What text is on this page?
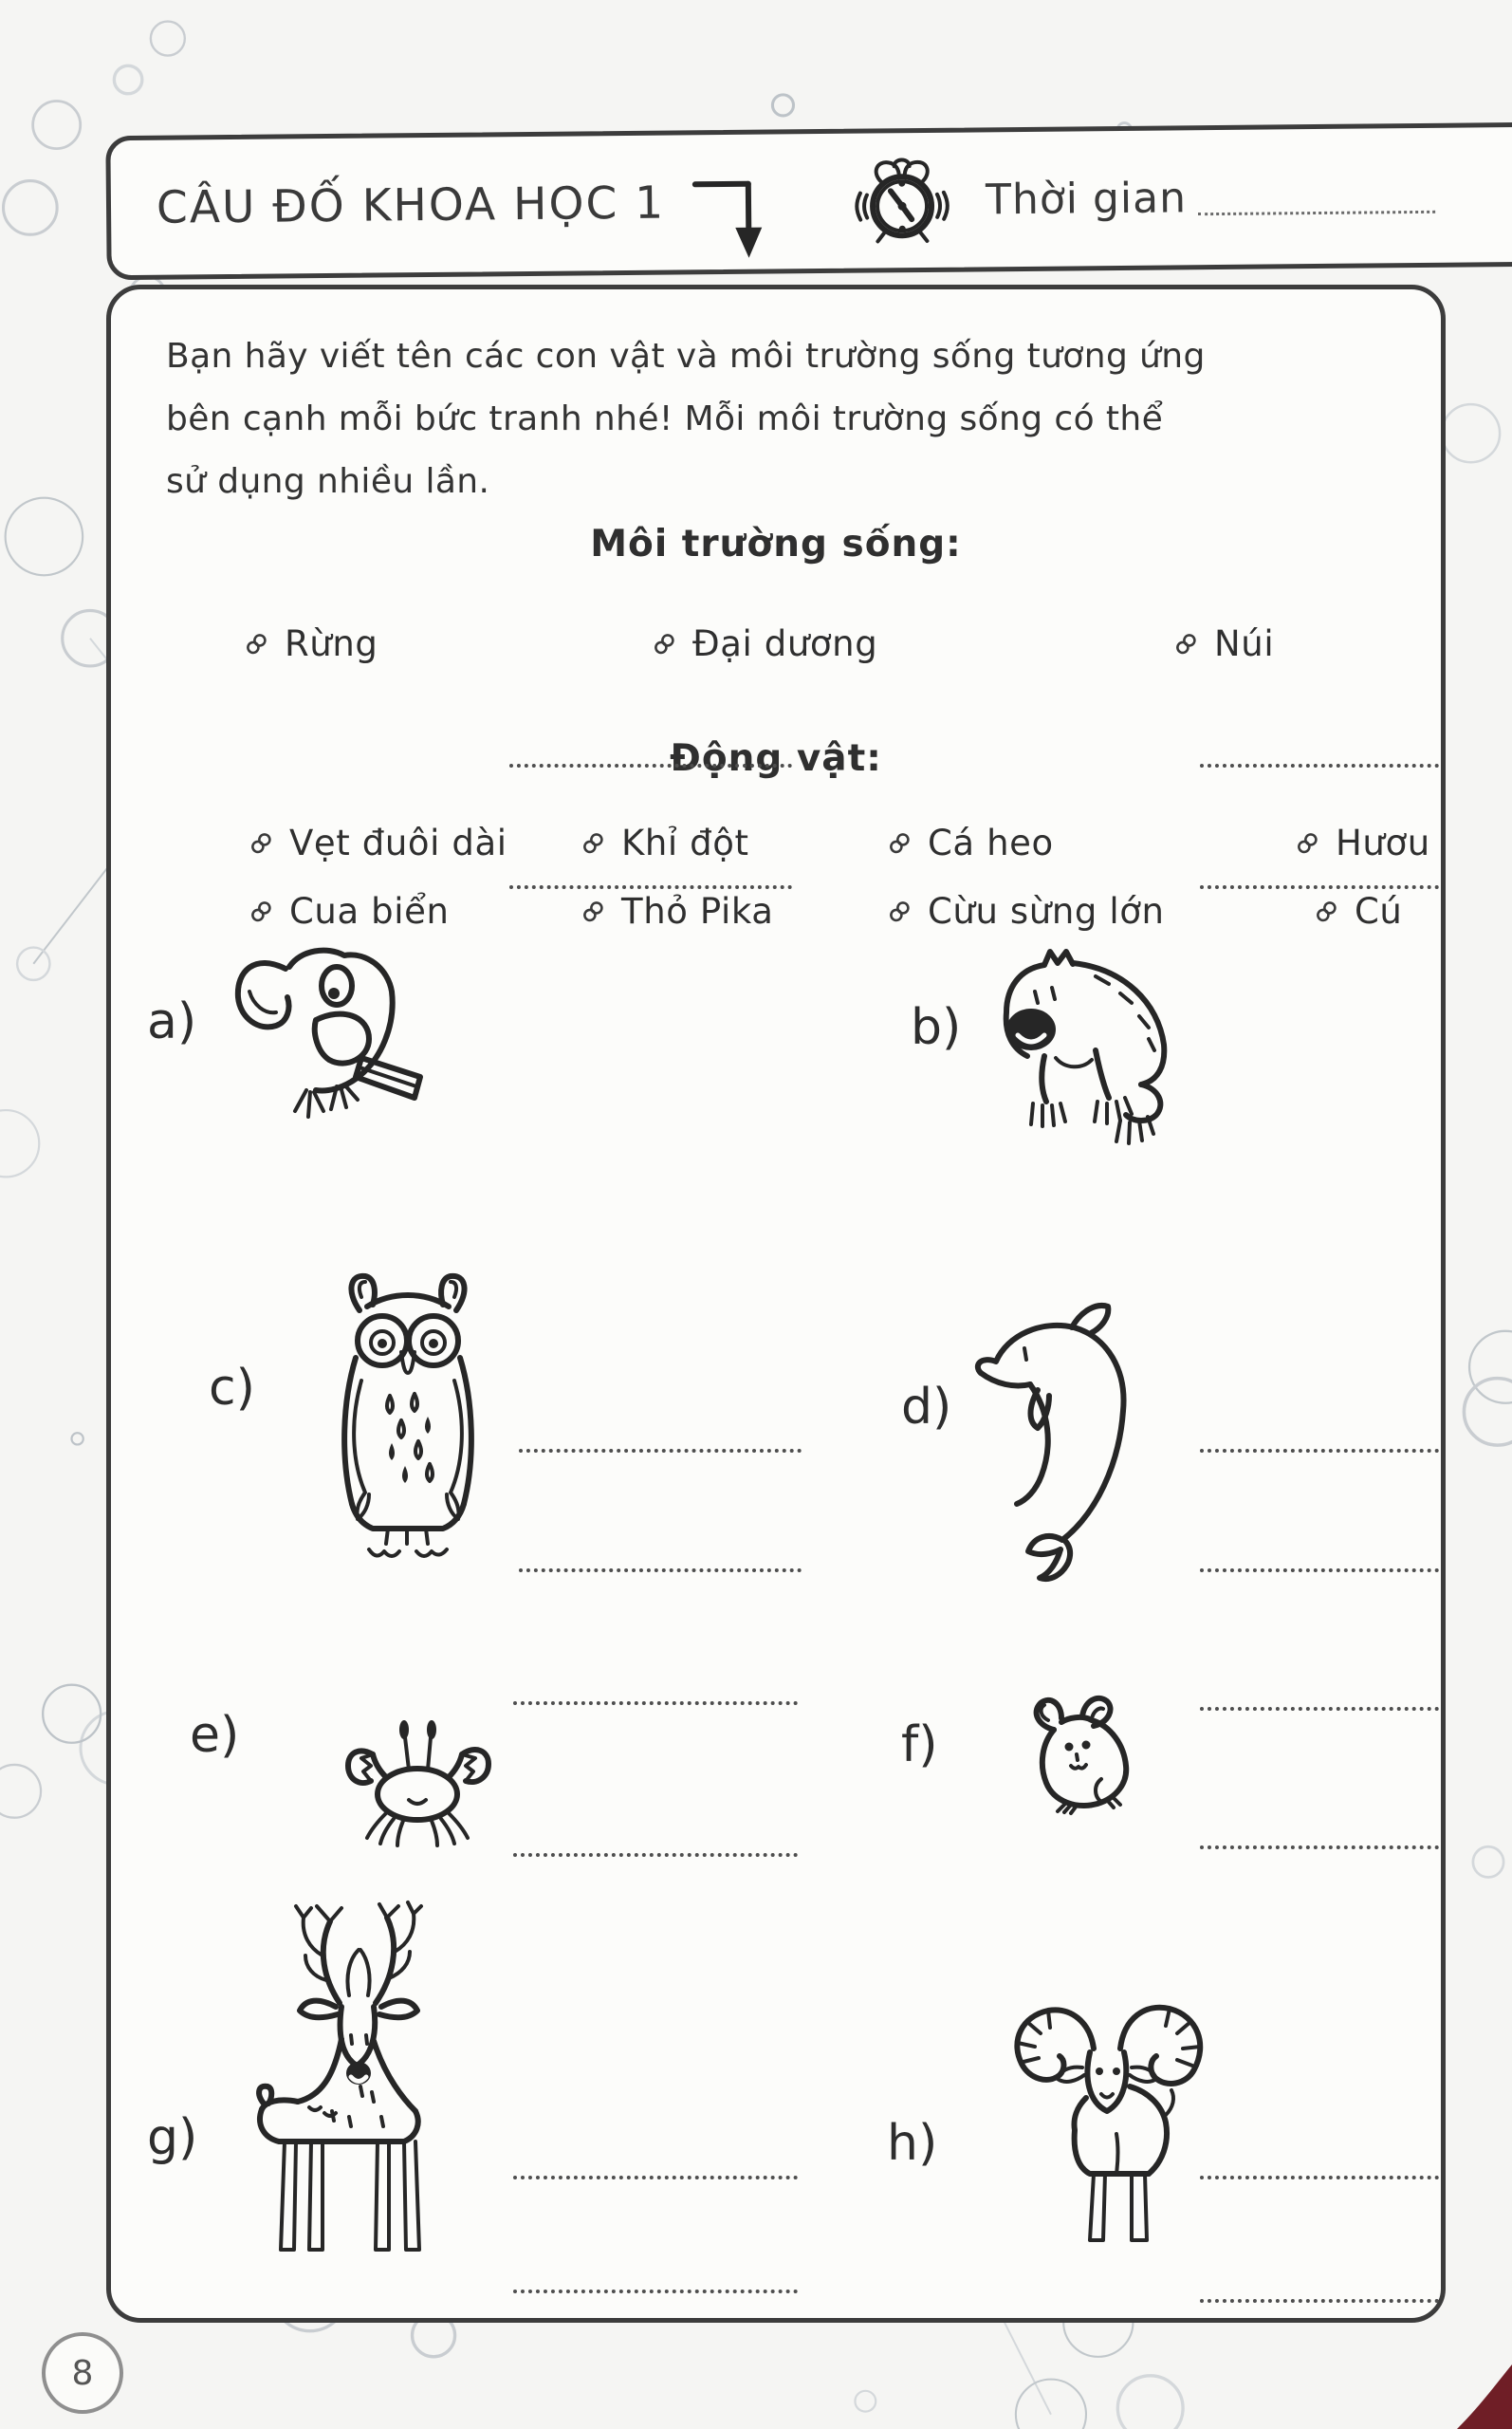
CÂU ĐỐ KHOA HỌC 1	Thời gian
Bạn hãy viết tên các con vật và môi trường sống tương ứng
bên cạnh mỗi bức tranh nhé! Mỗi môi trường sống có thể
sử dụng nhiều lần.
Môi trường sống:
Rừng	Đại dương	Núi
Động vật:
Vẹt đuôi dài	Khỉ đột	Cá heo	Hươu
Cua biển	Thỏ Pika	Cừu sừng lớn	Cú
a)	b)
c)	d)
e)	f)
g)	h)
8
